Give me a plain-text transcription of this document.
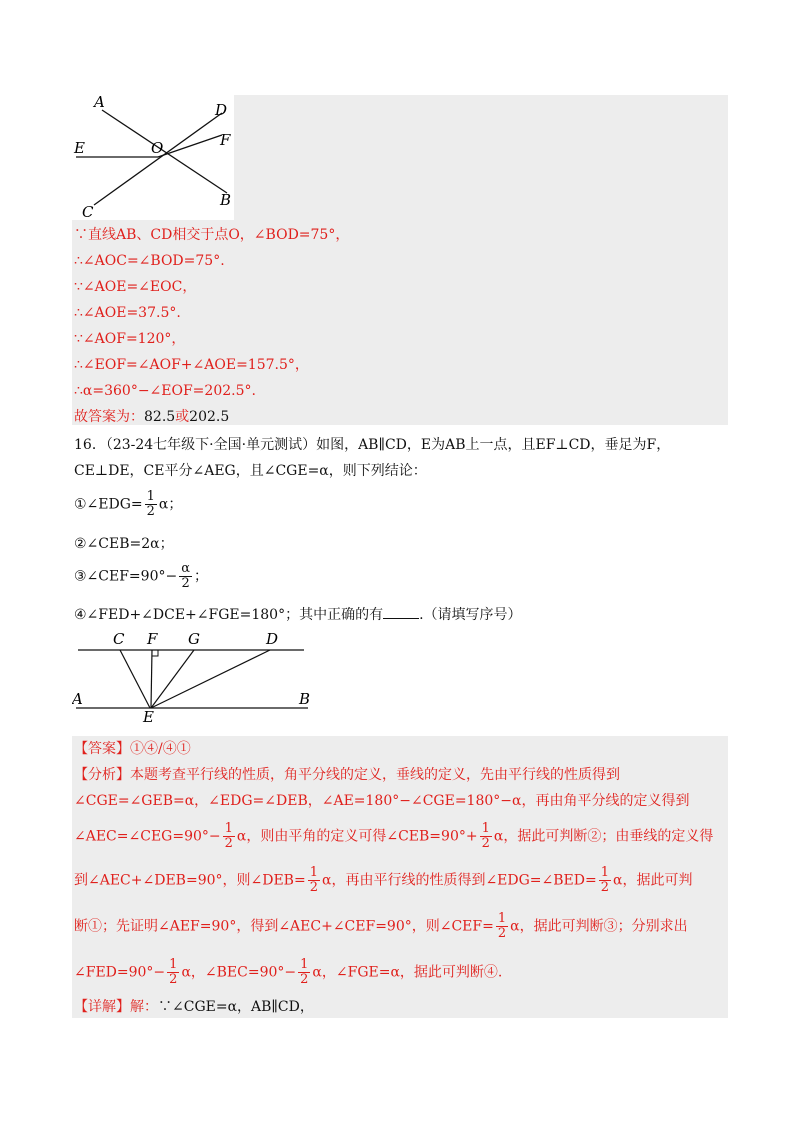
A	D
E	O	F
C
B
∵直线AB、CD相交于点O，∠BOD=75°，
∴∠AOC=∠BOD=75°.
∵∠AOE=∠EOC，
∴∠AOE=37.5°.
∵∠AOF=120°，
∴∠EOF=∠AOF+∠AOE=157.5°，
∴α=360°−∠EOF=202.5°.
故答案为：82.5或202.5
16．（23-24七年级下·全国·单元测试）如图，AB∥CD，E为AB上一点，且EF⊥CD，垂足为F，
CE⊥DE，CE平分∠AEG，且∠CGE=α，则下列结论：
①∠EDG= $\frac{1}{2}$ α；
②∠CEB=2α；
③∠CEF=90°− $\frac{\alpha}{2}$ ；
④∠FED+∠DCE+∠FGE=180°；其中正确的有	.（请填写序号）
C F G	D
A	B
E
【答案】①④/④①
【分析】本题考查平行线的性质，角平分线的定义，垂线的定义，先由平行线的性质得到
∠CGE=∠GEB=α，∠EDG=∠DEB，∠AE=180°−∠CGE=180°−α，再由角平分线的定义得到
∠AEC=∠CEG=90°− $\frac{1}{2}$ α，则由平角的定义可得∠CEB=90°+ $\frac{1}{2}$ α，据此可判断②；由垂线的定义得
到∠AEC+∠DEB=90°，则∠DEB= $\frac{1}{2}$ α，再由平行线的性质得到∠EDG=∠BED= $\frac{1}{2}$ α，据此可判
断①；先证明∠AEF=90°，得到∠AEC+∠CEF=90°，则∠CEF= $\frac{1}{2}$ α，据此可判断③；分别求出
∠FED=90°− $\frac{1}{2}$ α，∠BEC=90°− $\frac{1}{2}$ α，∠FGE=α，据此可判断④.
【详解】解：∵∠CGE=α，AB∥CD，
